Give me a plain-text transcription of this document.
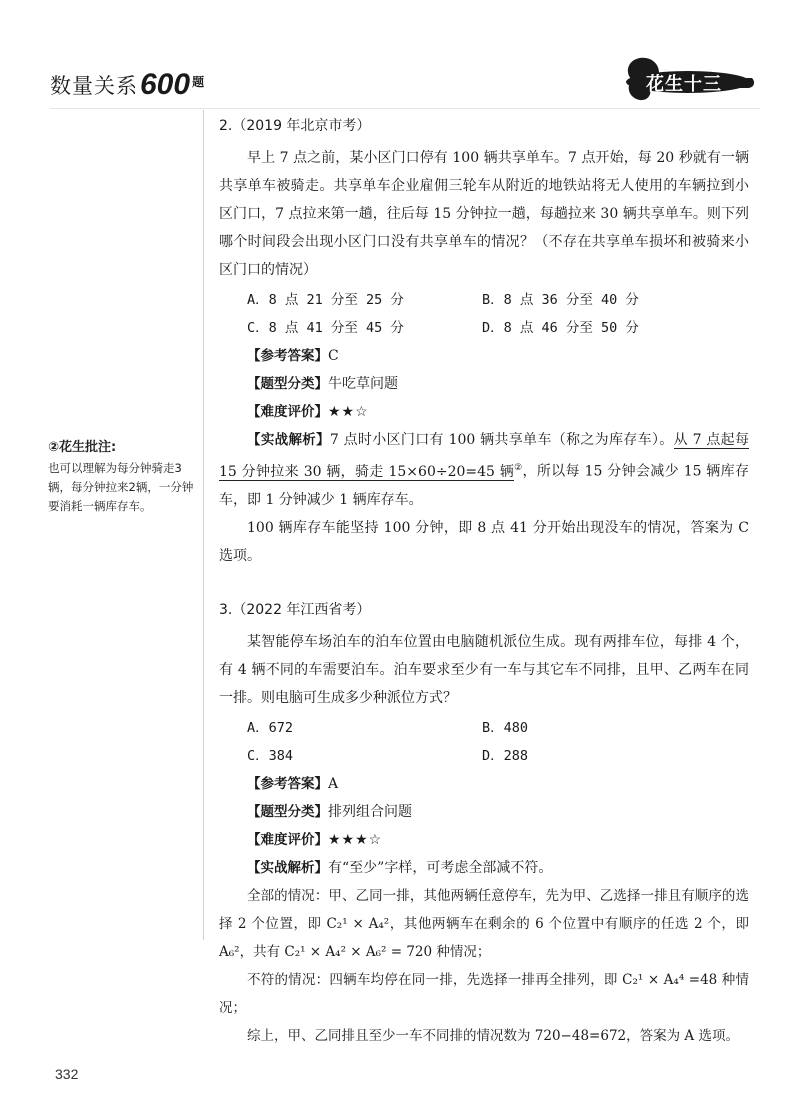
数量关系 600 题	花生十三
②花生批注:
也可以理解为每分钟骑走3辆，每分钟拉来2辆，一分钟要消耗一辆库存车。
2.（2019 年北京市考）

早上 7 点之前，某小区门口停有 100 辆共享单车。7 点开始，每 20 秒就有一辆共享单车被骑走。共享单车企业雇佣三轮车从附近的地铁站将无人使用的车辆拉到小区门口，7 点拉来第一趟，往后每 15 分钟拉一趟，每趟拉来 30 辆共享单车。则下列哪个时间段会出现小区门口没有共享单车的情况？（不存在共享单车损坏和被骑来小区门口的情况）

A．8 点 21 分至 25 分	B．8 点 36 分至 40 分
C．8 点 41 分至 45 分	D．8 点 46 分至 50 分
【参考答案】C
【题型分类】牛吃草问题
【难度评价】★★☆

【实战解析】7 点时小区门口有 100 辆共享单车（称之为库存车）。从 7 点起每 15 分钟拉来 30 辆，骑走 15×60÷20=45 辆②，所以每 15 分钟会减少 15 辆库存车，即 1 分钟减少 1 辆库存车。

100 辆库存车能坚持 100 分钟，即 8 点 41 分开始出现没车的情况，答案为 C 选项。

3.（2022 年江西省考）

某智能停车场泊车的泊车位置由电脑随机派位生成。现有两排车位，每排 4 个，有 4 辆不同的车需要泊车。泊车要求至少有一车与其它车不同排，且甲、乙两车在同一排。则电脑可生成多少种派位方式？

A．672	B．480
C．384	D．288
【参考答案】A
【题型分类】排列组合问题
【难度评价】★★★☆

【实战解析】有“至少”字样，可考虑全部减不符。

全部的情况：甲、乙同一排，其他两辆任意停车，先为甲、乙选择一排且有顺序的选择 2 个位置，即 C₂¹ × A₄²，其他两辆车在剩余的 6 个位置中有顺序的任选 2 个，即 A₆²，共有 C₂¹ × A₄² × A₆² = 720 种情况；

不符的情况：四辆车均停在同一排，先选择一排再全排列，即 C₂¹ × A₄⁴ =48 种情况；

综上，甲、乙同排且至少一车不同排的情况数为 720−48=672，答案为 A 选项。

332
